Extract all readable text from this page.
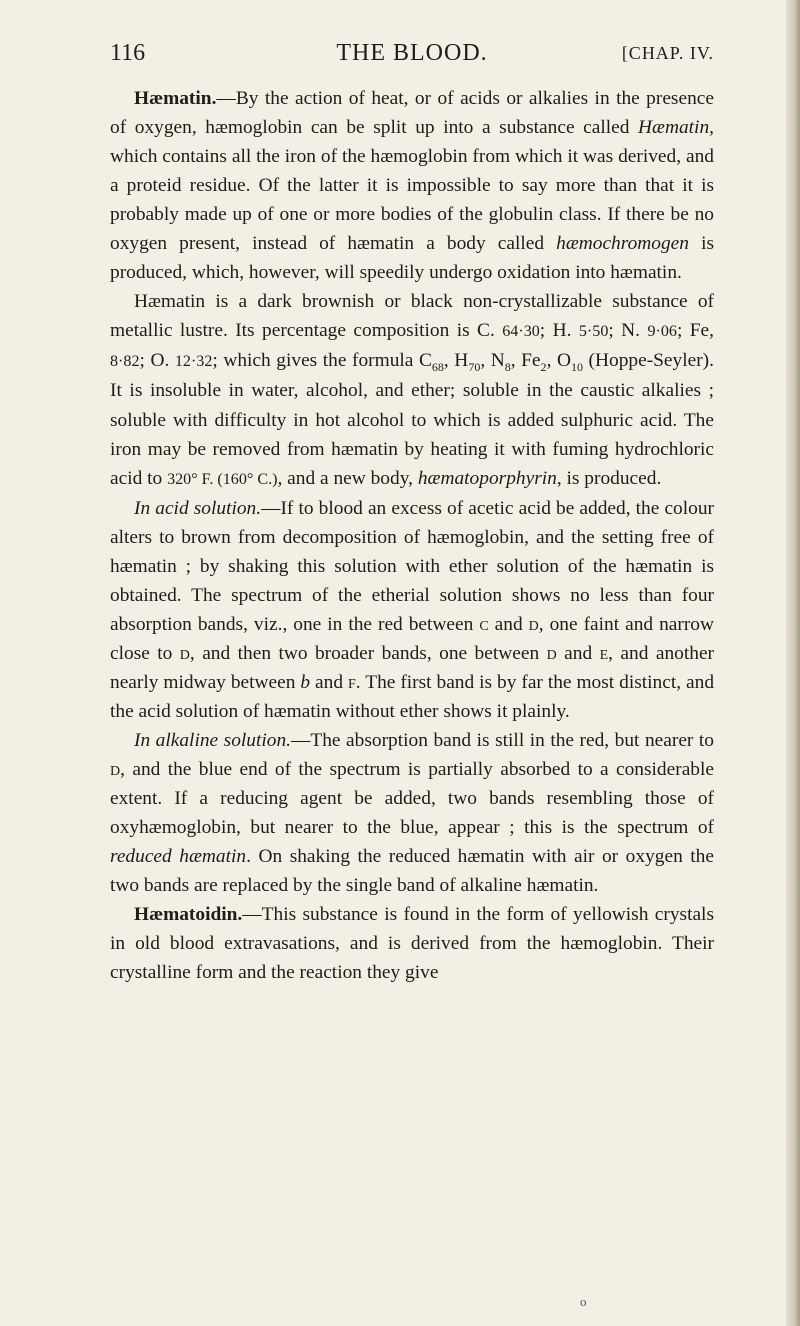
116	THE BLOOD.	[CHAP. IV.

Hæmatin.—By the action of heat, or of acids or alkalies in the presence of oxygen, hæmoglobin can be split up into a substance called Hæmatin, which contains all the iron of the hæmoglobin from which it was derived, and a proteid residue. Of the latter it is impossible to say more than that it is probably made up of one or more bodies of the globulin class. If there be no oxygen present, instead of hæmatin a body called hæmochromogen is produced, which, however, will speedily undergo oxidation into hæmatin.

Hæmatin is a dark brownish or black non-crystallizable substance of metallic lustre. Its percentage composition is C. 64·30; H. 5·50; N. 9·06; Fe, 8·82; O. 12·32; which gives the formula $C_{68}$, $H_{70}$, $N_8$, $Fe_2$, $O_{10}$ (Hoppe-Seyler). It is insoluble in water, alcohol, and ether; soluble in the caustic alkalies ; soluble with difficulty in hot alcohol to which is added sulphuric acid. The iron may be removed from hæmatin by heating it with fuming hydrochloric acid to 320° F. (160° C.), and a new body, hæmatoporphyrin, is produced.

In acid solution.—If to blood an excess of acetic acid be added, the colour alters to brown from decomposition of hæmoglobin, and the setting free of hæmatin ; by shaking this solution with ether solution of the hæmatin is obtained. The spectrum of the etherial solution shows no less than four absorption bands, viz., one in the red between c and d, one faint and narrow close to d, and then two broader bands, one between d and e, and another nearly midway between b and f. The first band is by far the most distinct, and the acid solution of hæmatin without ether shows it plainly.

In alkaline solution.—The absorption band is still in the red, but nearer to d, and the blue end of the spectrum is partially absorbed to a considerable extent. If a reducing agent be added, two bands resembling those of oxyhæmoglobin, but nearer to the blue, appear ; this is the spectrum of reduced hæmatin. On shaking the reduced hæmatin with air or oxygen the two bands are replaced by the single band of alkaline hæmatin.

Hæmatoidin.—This substance is found in the form of yellowish crystals in old blood extravasations, and is derived from the hæmoglobin. Their crystalline form and the reaction they give

o
